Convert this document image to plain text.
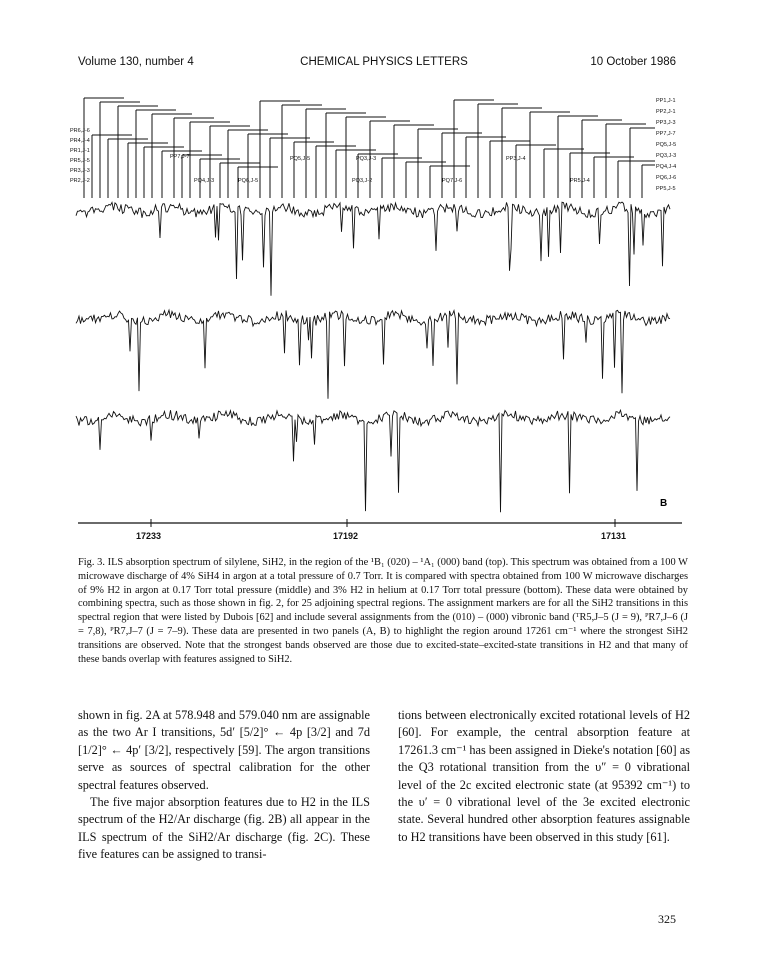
Volume 130, number 4	CHEMICAL PHYSICS LETTERS	10 October 1986
PR6,J-6
PR4,J-4
PR1,J-1
PR5,J-5
PR3,J-3
PR2,J-2
PP1,J-1
PP2,J-1
PP3,J-3
PP7,J-7
PQ5,J-5
PQ3,J-3
PQ4,J-4
PQ6,J-6
PP5,J-5
PP7,J-7	PQ5,J-5	PQ3,J-3
PQ4,J-3	PQ6,J-5	PQ3,J-2	PQ7,J-6	PR5,J-4
PP3,J-4
B
17233	17192	17131
Fig. 3. ILS absorption spectrum of silylene, SiH2, in the region of the ¹B₁ (020) – ¹A₁ (000) band (top). This spectrum was obtained from a 100 W microwave discharge of 4% SiH4 in argon at a total pressure of 0.7 Torr. It is compared with spectra obtained from 100 W microwave discharges of 9% H2 in argon at 0.17 Torr total pressure (middle) and 3% H2 in helium at 0.17 Torr total pressure (bottom). These data were obtained by combining spectra, such as those shown in fig. 2, for 25 adjoining spectral regions. The assignment markers are for all the SiH2 transitions in this spectral region that were listed by Dubois [62] and include several assignments from the (010) – (000) vibronic band (ᵀR5,J–5 (J = 9), ᴾR7,J–6 (J = 7,8), ᴾR7,J–7 (J = 7–9). These data are presented in two panels (A, B) to highlight the region around 17261 cm⁻¹ where the strongest SiH2 transitions are observed. Note that the strongest bands observed are those due to excited-state–excited-state transitions in H2 and that many of these bands overlap with features assigned to SiH2.

shown in fig. 2A at 578.948 and 579.040 nm are assignable as the two Ar I transitions, 5d′ [5/2]° ← 4p [3/2] and 7d [1/2]° ← 4p′ [3/2], respectively [59]. The argon transitions serve as sources of spectral calibration for the other spectral features observed.

The five major absorption features due to H2 in the ILS spectrum of the H2/Ar discharge (fig. 2B) all appear in the ILS spectrum of the SiH2/Ar discharge (fig. 2C). These five features can be assigned to transi-

tions between electronically excited rotational levels of H2 [60]. For example, the central absorption feature at 17261.3 cm⁻¹ has been assigned in Dieke's notation [60] as the Q3 rotational transition from the υ″ = 0 vibrational level of the 2c excited electronic state (at 95392 cm⁻¹) to the υ′ = 0 vibrational level of the 3e excited electronic state. Several hundred other absorption features assignable to H2 transitions have been observed in this study [61].

325
